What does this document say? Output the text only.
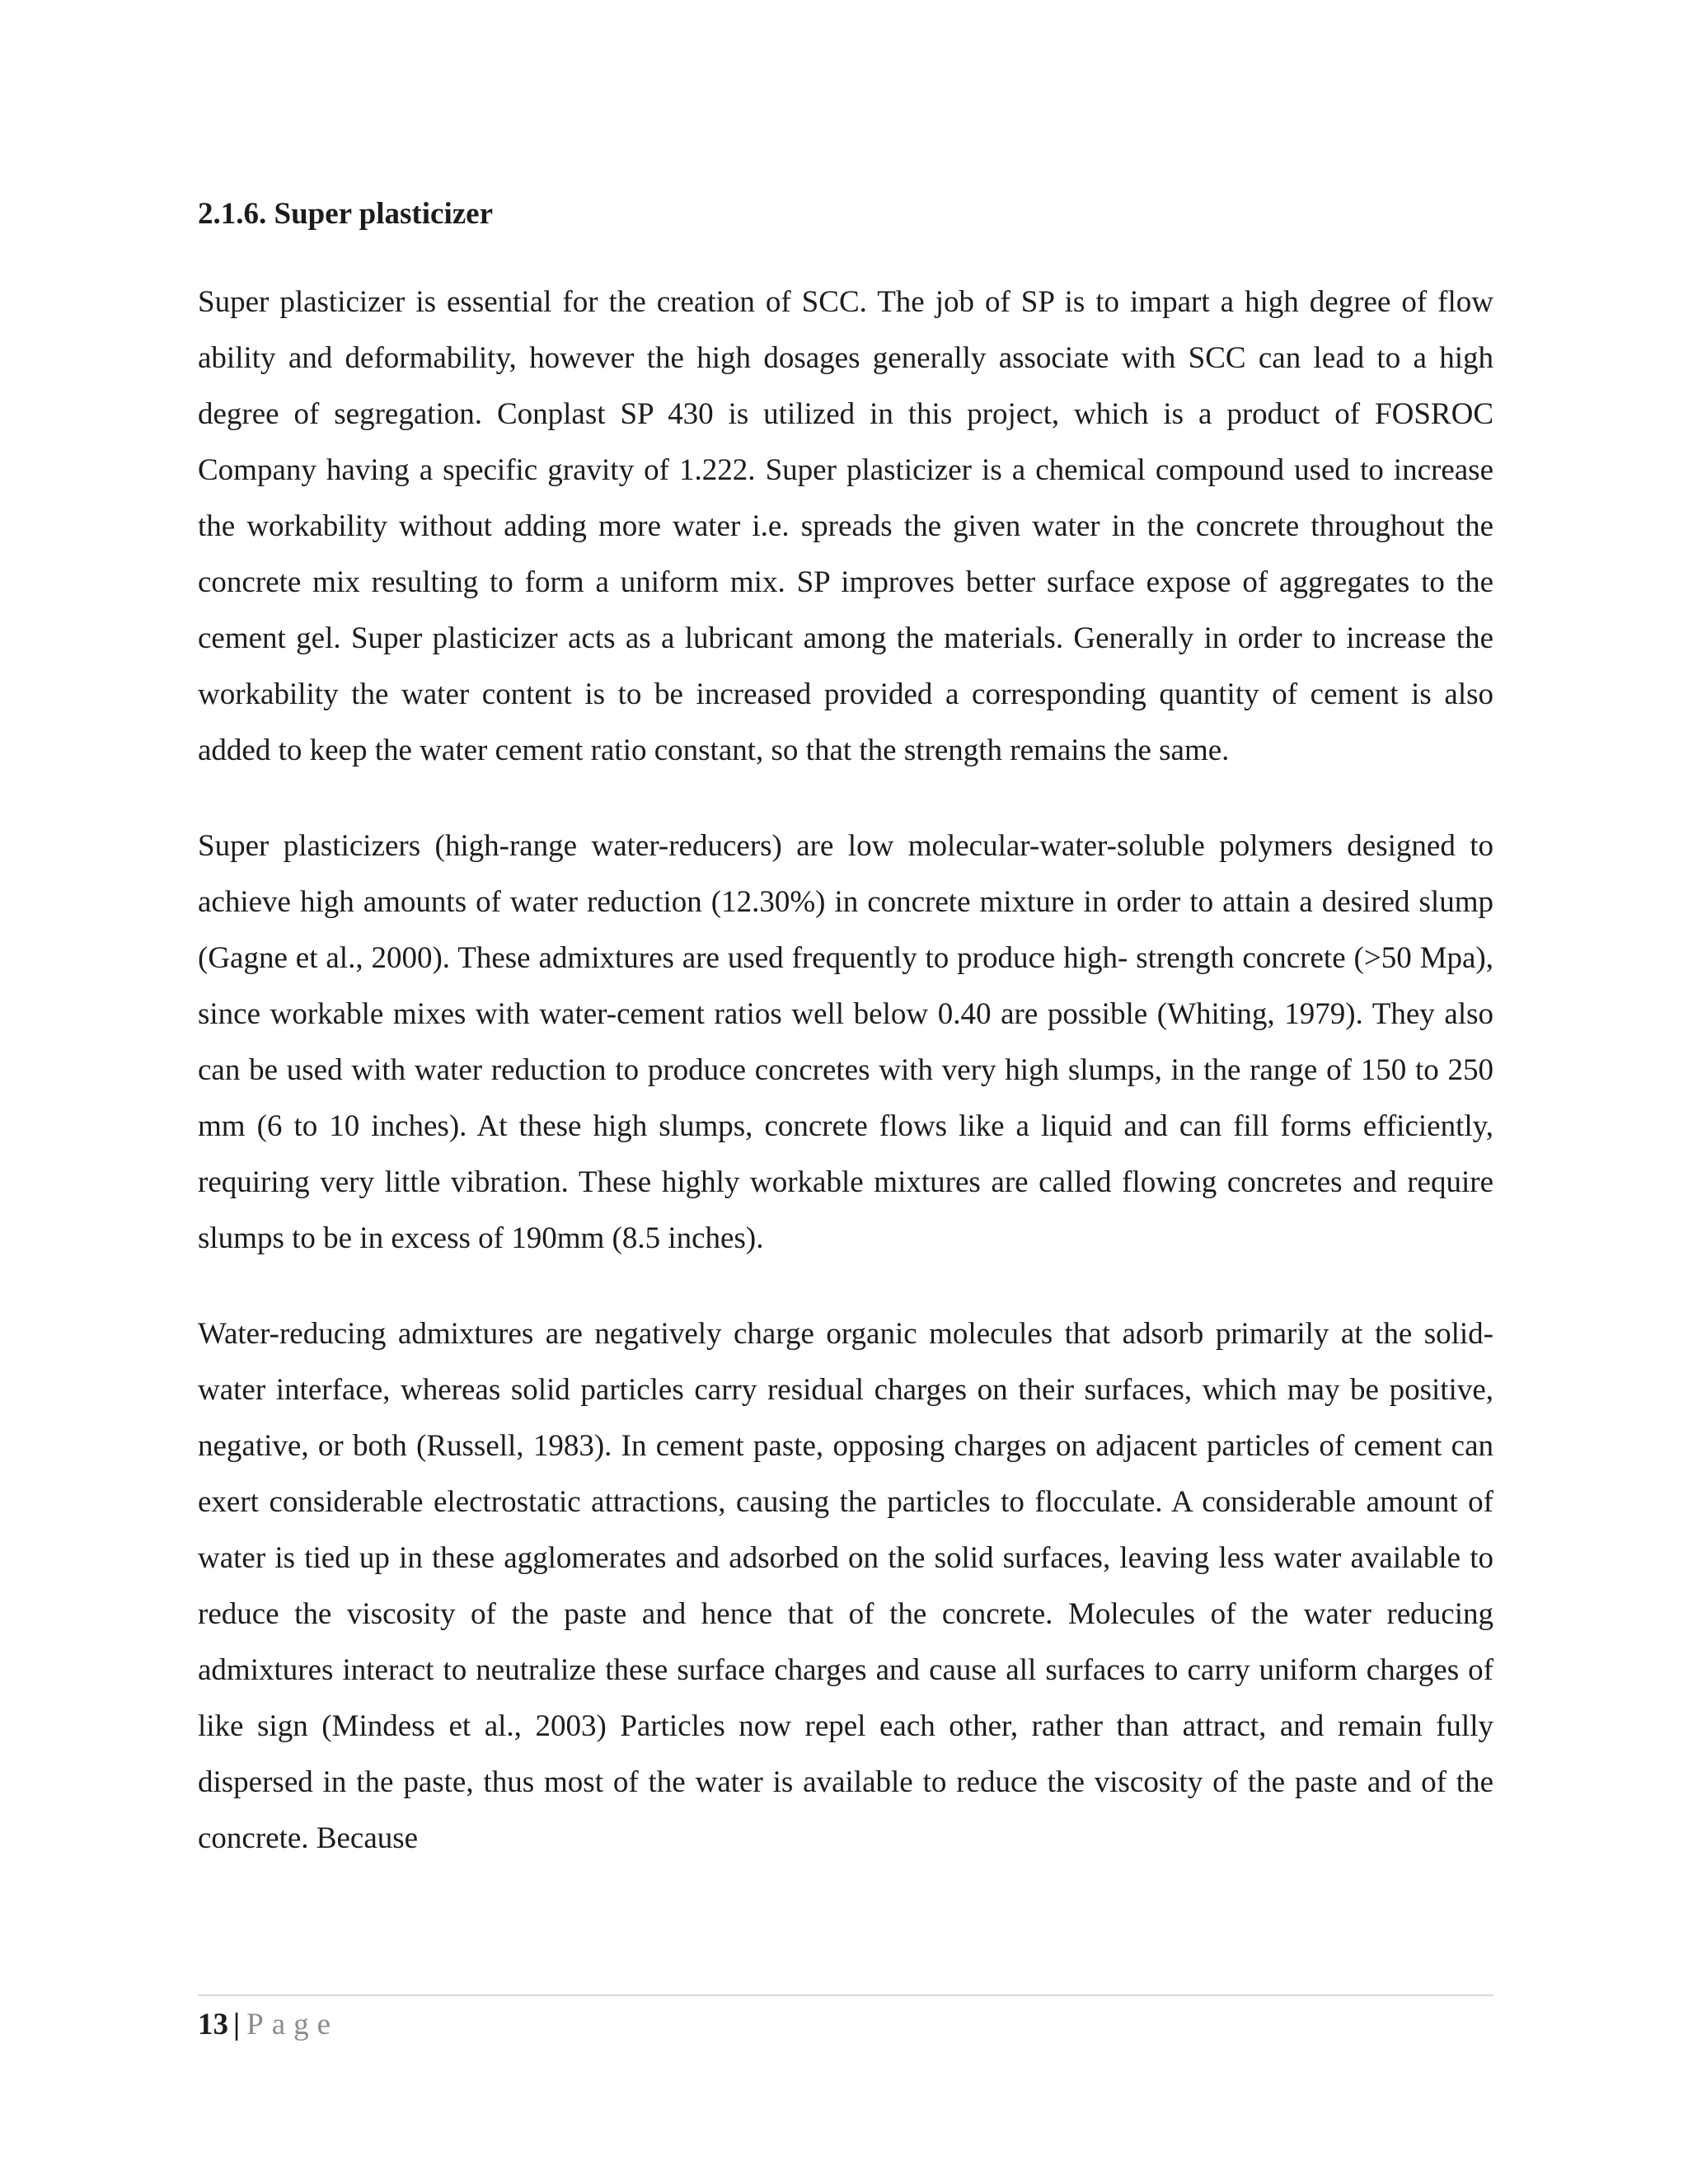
2.1.6. Super plasticizer

Super plasticizer is essential for the creation of SCC. The job of SP is to impart a high degree of flow ability and deformability, however the high dosages generally associate with SCC can lead to a high degree of segregation. Conplast SP 430 is utilized in this project, which is a product of FOSROC Company having a specific gravity of 1.222. Super plasticizer is a chemical compound used to increase the workability without adding more water i.e. spreads the given water in the concrete throughout the concrete mix resulting to form a uniform mix. SP improves better surface expose of aggregates to the cement gel. Super plasticizer acts as a lubricant among the materials. Generally in order to increase the workability the water content is to be increased provided a corresponding quantity of cement is also added to keep the water cement ratio constant, so that the strength remains the same.

Super plasticizers (high-range water-reducers) are low molecular-water-soluble polymers designed to achieve high amounts of water reduction (12.30%) in concrete mixture in order to attain a desired slump (Gagne et al., 2000). These admixtures are used frequently to produce high- strength concrete (>50 Mpa), since workable mixes with water-cement ratios well below 0.40 are possible (Whiting, 1979). They also can be used with water reduction to produce concretes with very high slumps, in the range of 150 to 250 mm (6 to 10 inches). At these high slumps, concrete flows like a liquid and can fill forms efficiently, requiring very little vibration. These highly workable mixtures are called flowing concretes and require slumps to be in excess of 190mm (8.5 inches).

Water-reducing admixtures are negatively charge organic molecules that adsorb primarily at the solid-water interface, whereas solid particles carry residual charges on their surfaces, which may be positive, negative, or both (Russell, 1983). In cement paste, opposing charges on adjacent particles of cement can exert considerable electrostatic attractions, causing the particles to flocculate. A considerable amount of water is tied up in these agglomerates and adsorbed on the solid surfaces, leaving less water available to reduce the viscosity of the paste and hence that of the concrete. Molecules of the water reducing admixtures interact to neutralize these surface charges and cause all surfaces to carry uniform charges of like sign (Mindess et al., 2003) Particles now repel each other, rather than attract, and remain fully dispersed in the paste, thus most of the water is available to reduce the viscosity of the paste and of the concrete. Because

13 | Page
